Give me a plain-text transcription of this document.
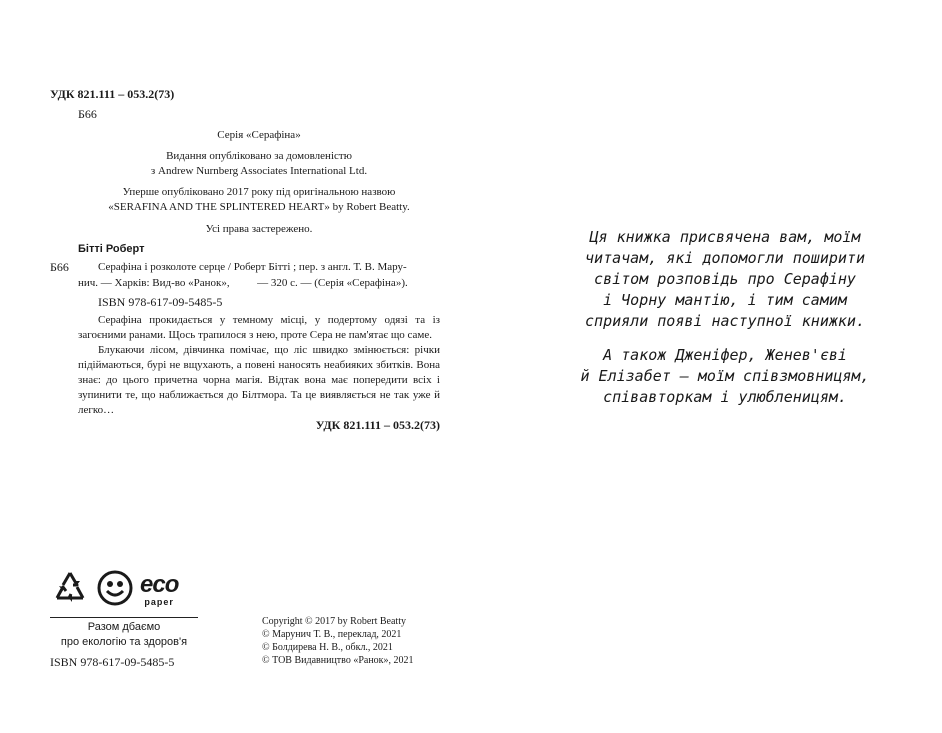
УДК 821.111 – 053.2(73)
Б66
Серія «Серафіна»
Видання опубліковано за домовленістю
з Andrew Nurnberg Associates International Ltd.
Уперше опубліковано 2017 року під оригінальною назвою
«SERAFINA AND THE SPLINTERED HEART» by Robert Beatty.
Усі права застережено.
Бітті Роберт
Б66	Серафіна і розколоте серце / Роберт Бітті ; пер. з англ. Т. В. Мару-
нич. — Харків: Вид-во «Ранок»,          — 320 с. — (Серія «Серафіна»).
ISBN 978-617-09-5485-5

Серафіна прокидається у темному місці, у подертому одязі та із загоєними ранами. Щось трапилося з нею, проте Сера не пам'ятає що саме.

Блукаючи лісом, дівчинка помічає, що ліс швидко змінюється: річки підіймаються, бурі не вщухають, а повені наносять неабияких збитків. Вона знає: до цього причетна чорна магія. Відтак вона має попередити всіх і зупинити те, що наближається до Білтмора. Та це виявляється не так уже й легко…

УДК 821.111 – 053.2(73)
eco
paper
Разом дбаємо
про екологію та здоров'я
ISBN 978-617-09-5485-5
Copyright © 2017 by Robert Beatty
© Марунич Т. В., переклад, 2021
© Болдирева Н. В., обкл., 2021
© ТОВ Видавництво «Ранок», 2021
Ця книжка присвячена вам, моїм
читачам, які допомогли поширити
світом розповідь про Серафіну
і Чорну мантію, і тим самим
сприяли появі наступної книжки.
А також Дженіфер, Женев'єві
й Елізабет — моїм співзмовницям,
співавторкам і улюбленицям.
